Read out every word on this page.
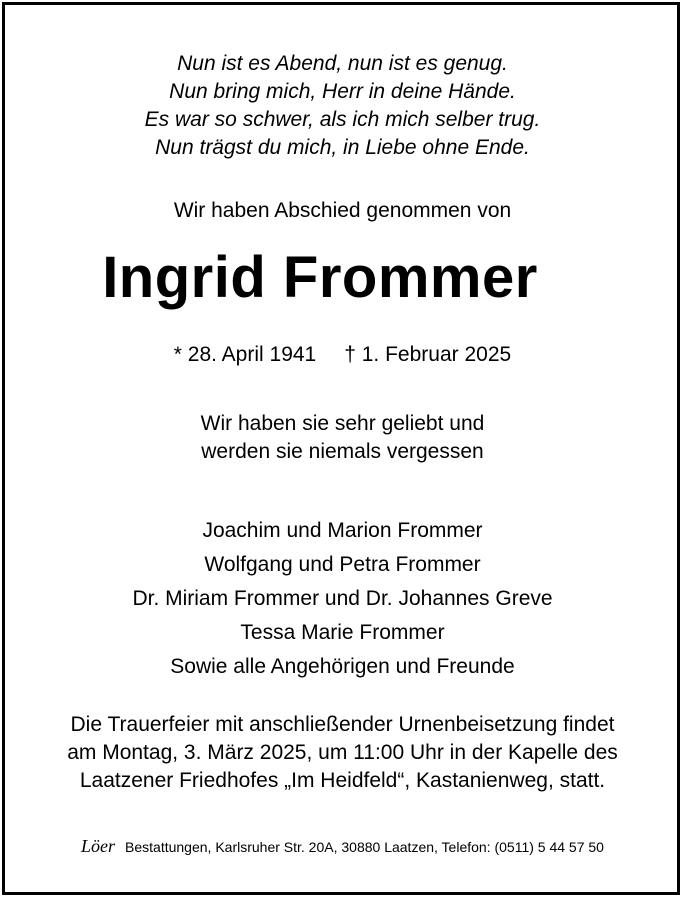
Nun ist es Abend, nun ist es genug.
Nun bring mich, Herr in deine Hände.
Es war so schwer, als ich mich selber trug.
Nun trägst du mich, in Liebe ohne Ende.
Wir haben Abschied genommen von
Ingrid Frommer
* 28. April 1941 † 1. Februar 2025
Wir haben sie sehr geliebt und
werden sie niemals vergessen
Joachim und Marion Frommer
Wolfgang und Petra Frommer
Dr. Miriam Frommer und Dr. Johannes Greve
Tessa Marie Frommer
Sowie alle Angehörigen und Freunde
Die Trauerfeier mit anschließender Urnenbeisetzung findet
am Montag, 3. März 2025, um 11:00 Uhr in der Kapelle des
Laatzener Friedhofes „Im Heidfeld“, Kastanienweg, statt.
Löer Bestattungen, Karlsruher Str. 20A, 30880 Laatzen, Telefon: (0511) 5 44 57 50
